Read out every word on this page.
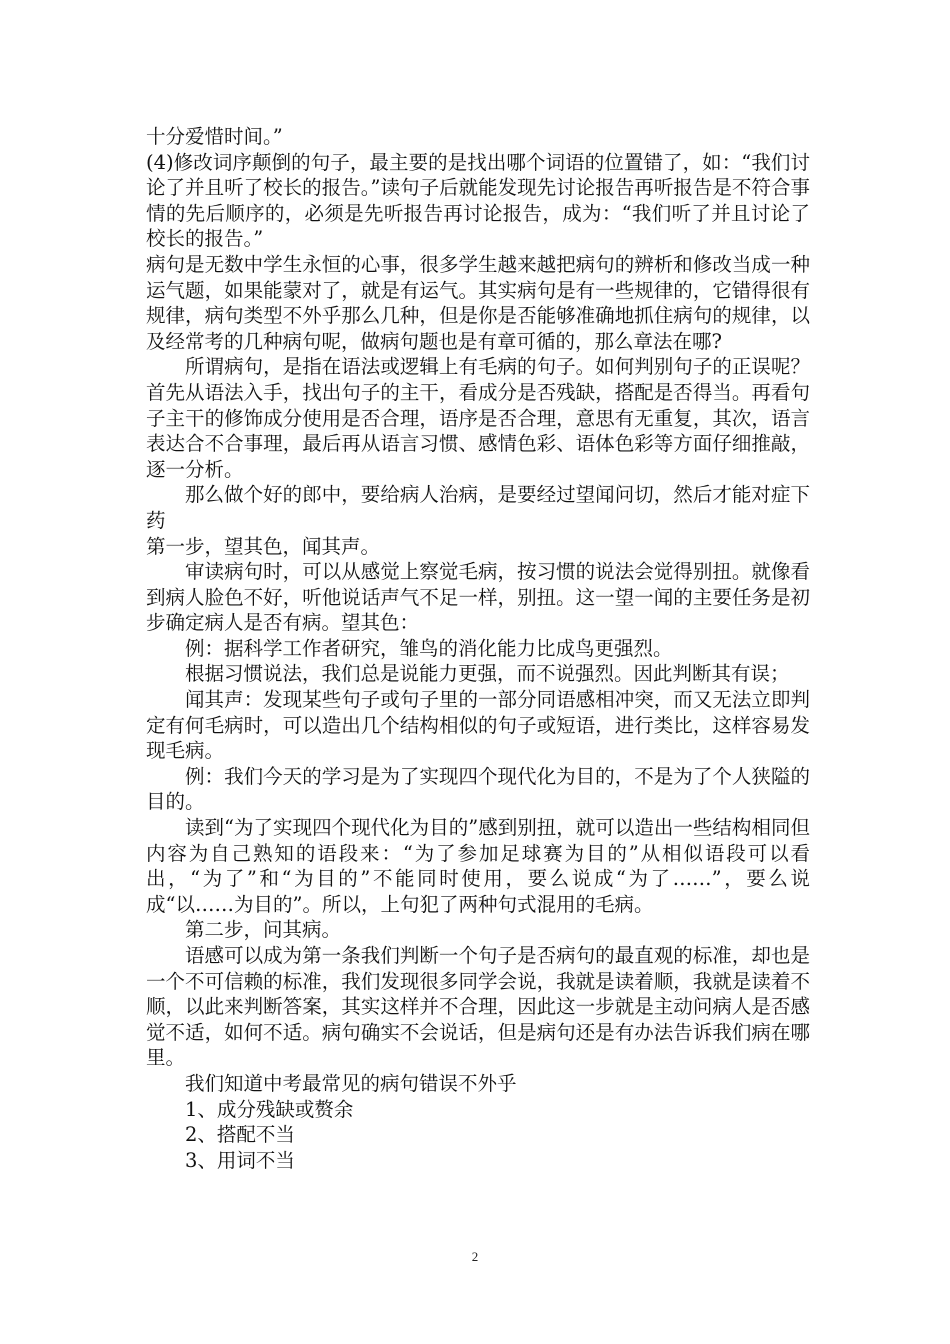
十分爱惜时间。”

(4)修改词序颠倒的句子，最主要的是找出哪个词语的位置错了，如：“我们讨论了并且听了校长的报告。”读句子后就能发现先讨论报告再听报告是不符合事情的先后顺序的，必须是先听报告再讨论报告，成为：“我们听了并且讨论了校长的报告。”

病句是无数中学生永恒的心事，很多学生越来越把病句的辨析和修改当成一种运气题，如果能蒙对了，就是有运气。其实病句是有一些规律的，它错得很有规律，病句类型不外乎那么几种，但是你是否能够准确地抓住病句的规律，以及经常考的几种病句呢，做病句题也是有章可循的，那么章法在哪?

所谓病句，是指在语法或逻辑上有毛病的句子。如何判别句子的正误呢？首先从语法入手，找出句子的主干，看成分是否残缺，搭配是否得当。再看句子主干的修饰成分使用是否合理，语序是否合理，意思有无重复，其次，语言表达合不合事理，最后再从语言习惯、感情色彩、语体色彩等方面仔细推敲，逐一分析。

那么做个好的郎中，要给病人治病，是要经过望闻问切，然后才能对症下药

第一步，望其色，闻其声。

审读病句时，可以从感觉上察觉毛病，按习惯的说法会觉得别扭。就像看到病人脸色不好，听他说话声气不足一样，别扭。这一望一闻的主要任务是初步确定病人是否有病。望其色：

例：据科学工作者研究，雏鸟的消化能力比成鸟更强烈。

根据习惯说法，我们总是说能力更强，而不说强烈。因此判断其有误；

闻其声：发现某些句子或句子里的一部分同语感相冲突，而又无法立即判定有何毛病时，可以造出几个结构相似的句子或短语，进行类比，这样容易发现毛病。

例：我们今天的学习是为了实现四个现代化为目的，不是为了个人狭隘的目的。

读到“为了实现四个现代化为目的”感到别扭，就可以造出一些结构相同但内容为自己熟知的语段来：“为了参加足球赛为目的”从相似语段可以看出，“为了”和“为目的”不能同时使用，要么说成“为了……”，要么说成“以……为目的”。所以，上句犯了两种句式混用的毛病。

第二步，问其病。

语感可以成为第一条我们判断一个句子是否病句的最直观的标准，却也是一个不可信赖的标准，我们发现很多同学会说，我就是读着顺，我就是读着不顺，以此来判断答案，其实这样并不合理，因此这一步就是主动问病人是否感觉不适，如何不适。病句确实不会说话，但是病句还是有办法告诉我们病在哪里。

我们知道中考最常见的病句错误不外乎

1、成分残缺或赘余

2、搭配不当

3、用词不当

2
